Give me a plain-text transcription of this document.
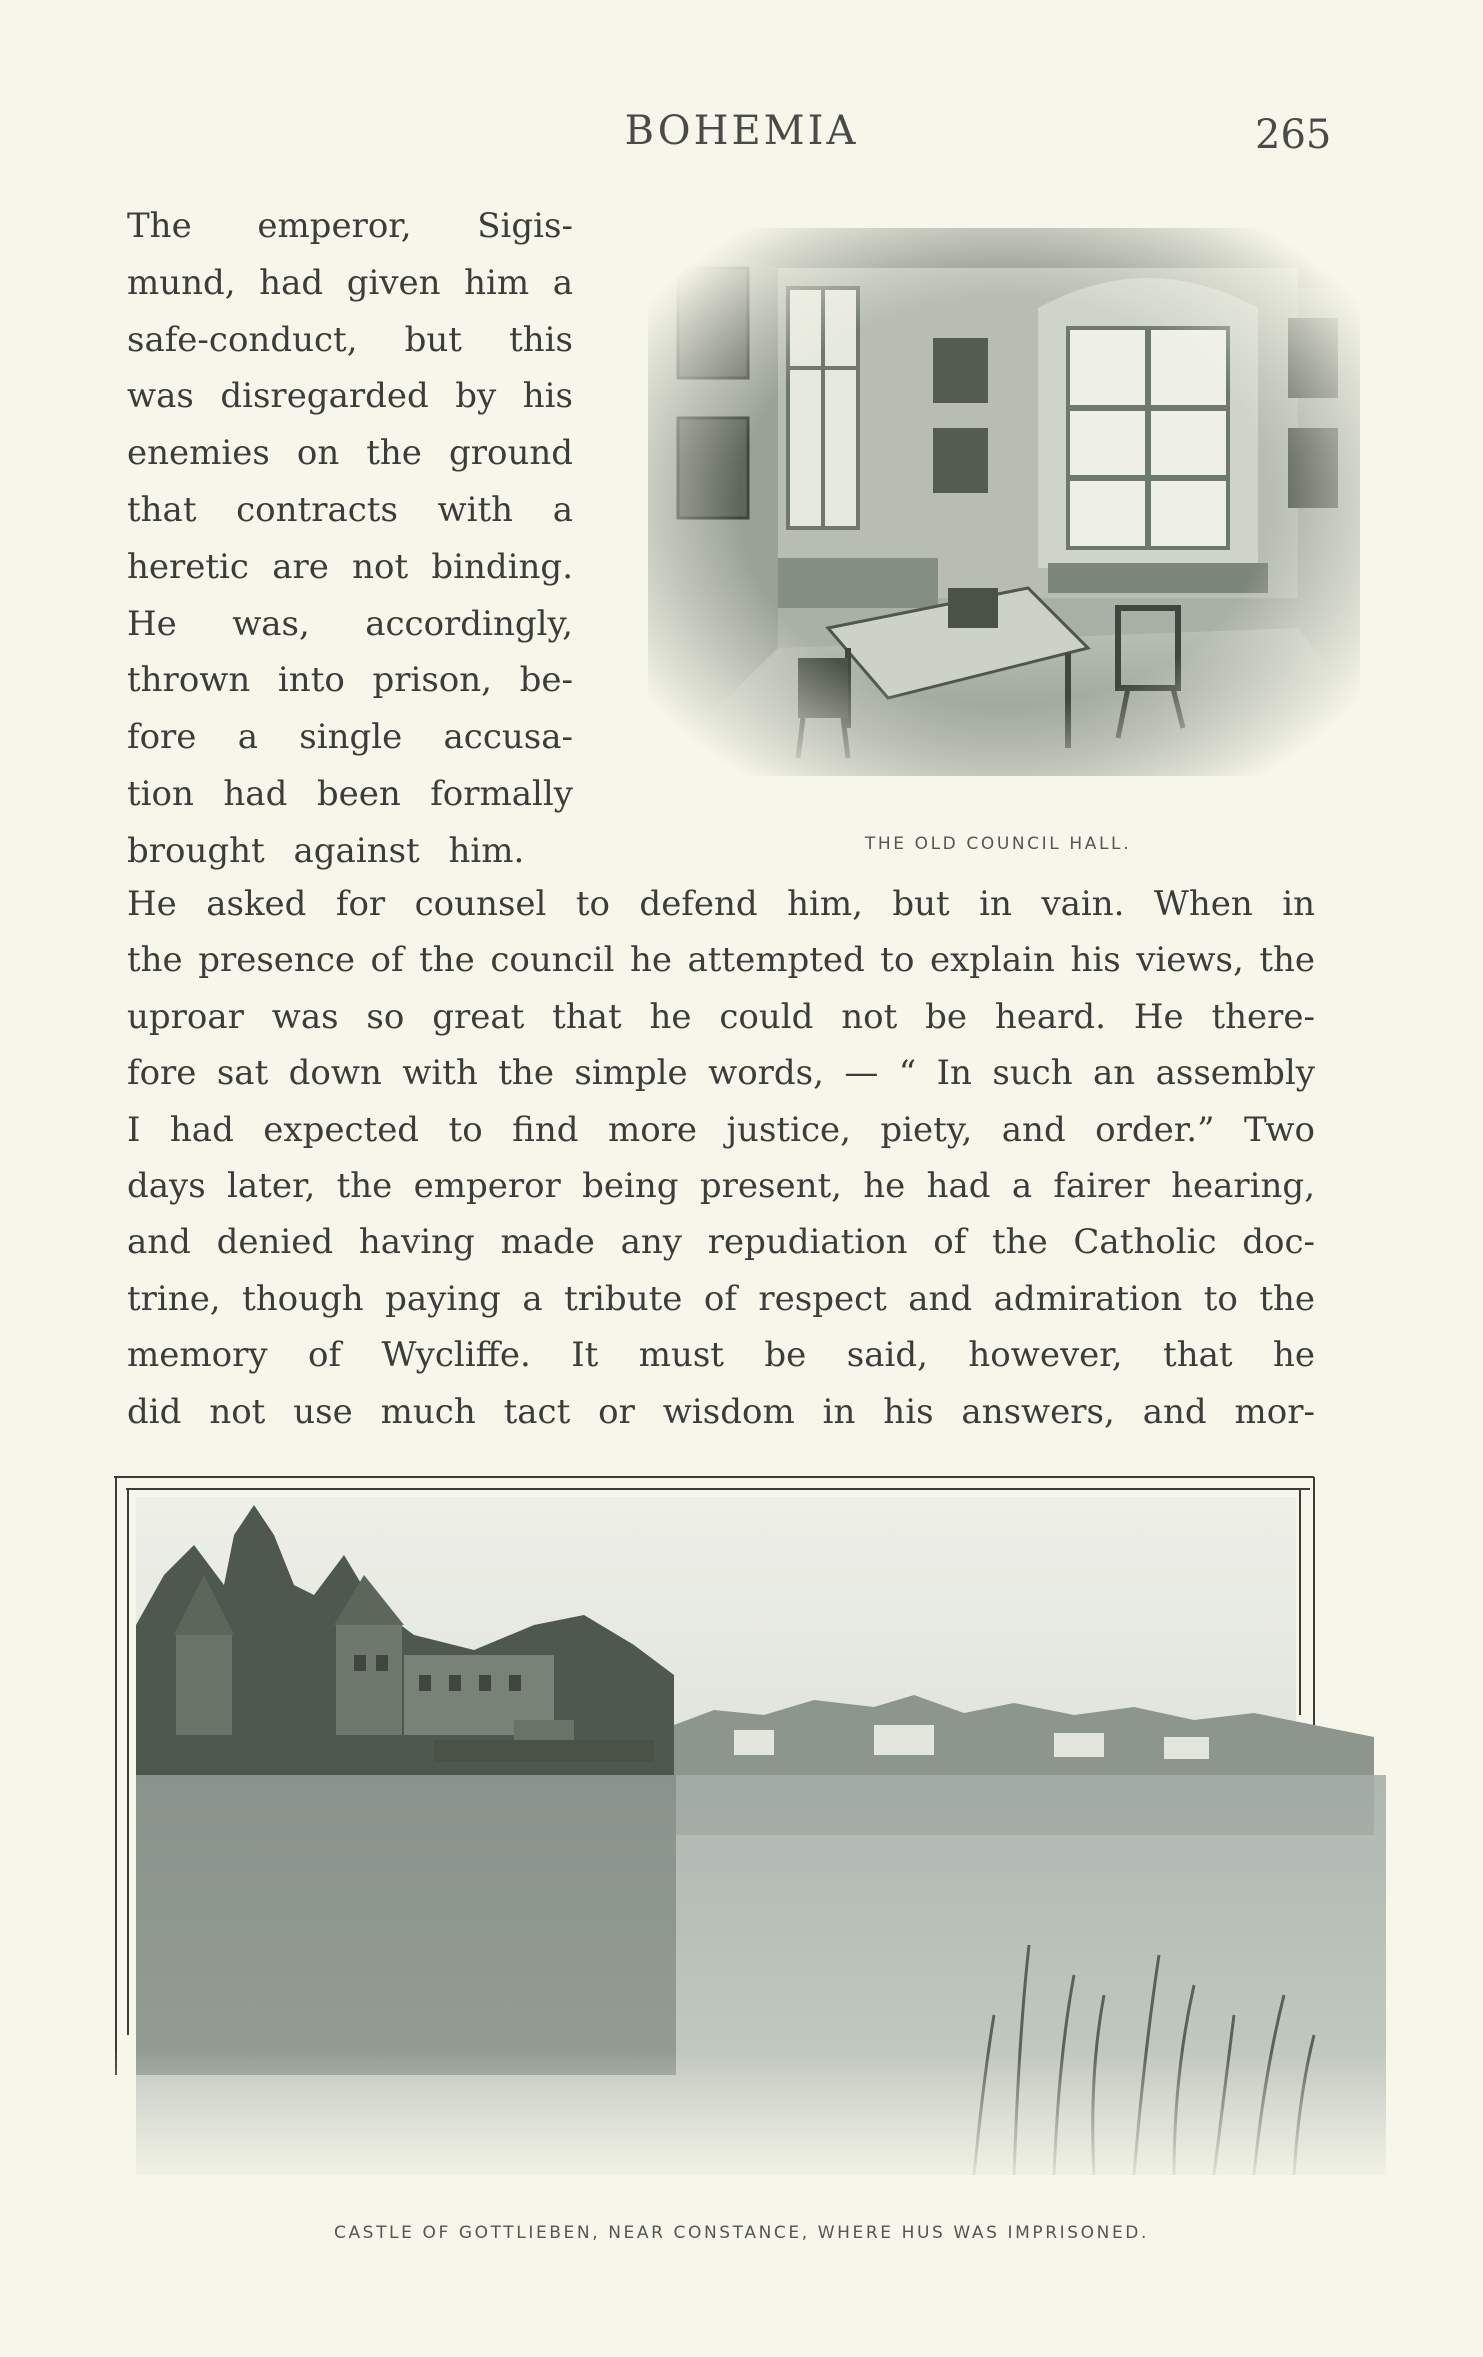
BOHEMIA	265
The emperor, Sigis-
mund, had given him a
safe-conduct, but this
was disregarded by his
enemies on the ground
that contracts with a
heretic are not binding.
He was, accordingly,
thrown into prison, be-
fore a single accusa-
tion had been formally
brought against him.	THE OLD COUNCIL HALL.
He asked for counsel to defend him, but in vain. When in
the presence of the council he attempted to explain his views, the
uproar was so great that he could not be heard. He there-
fore sat down with the simple words, — “ In such an assembly
I had expected to find more justice, piety, and order.” Two
days later, the emperor being present, he had a fairer hearing,
and denied having made any repudiation of the Catholic doc-
trine, though paying a tribute of respect and admiration to the
memory of Wycliffe. It must be said, however, that he
did not use much tact or wisdom in his answers, and mor-
CASTLE OF GOTTLIEBEN, NEAR CONSTANCE, WHERE HUS WAS IMPRISONED.
